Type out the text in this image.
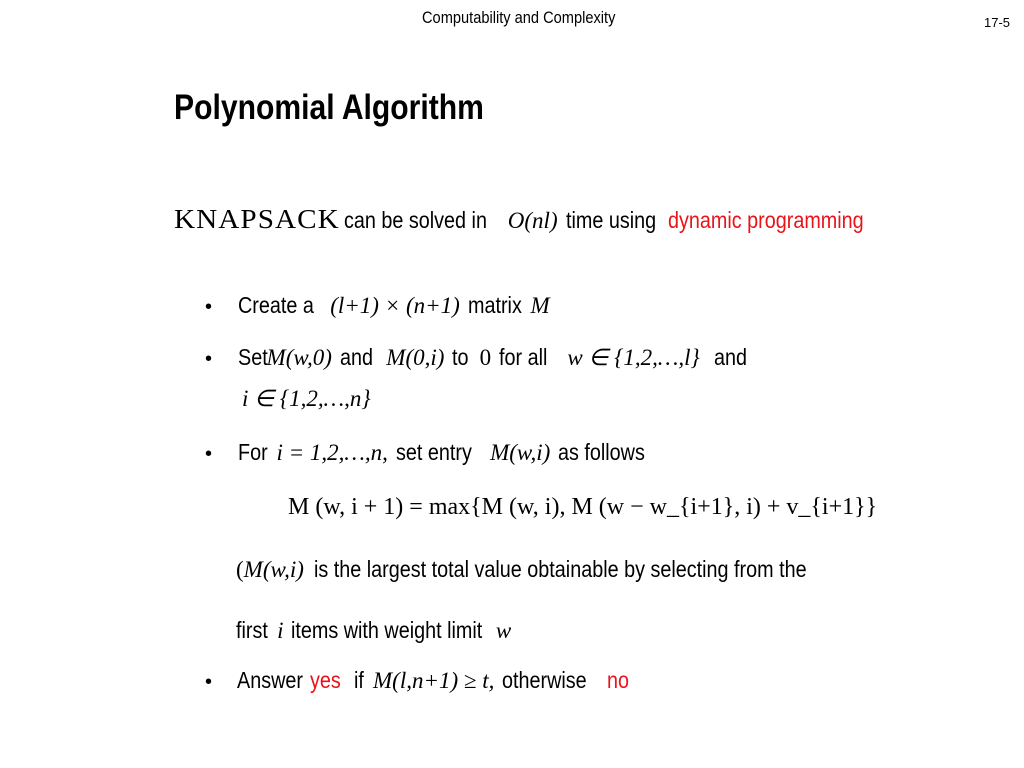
Computability and Complexity	17-5
Polynomial Algorithm
KNAPSACK can be solved in O(nl) time using dynamic programming
• Create a (l+1) × (n+1) matrix M
• Set
M(w,0) and M(0,i) to 0 for all w ∈ {1,2,…,l} and
i ∈ {1,2,…,n}
• For i = 1,2,…,n, set entry M(w,i) as follows
M (w, i + 1) = max{M (w, i), M (w − w_{i+1}, i) + v_{i+1}}
( M(w,i) is the largest total value obtainable by selecting from the
first i items with weight limit w
• Answer yes if M(l,n+1) ≥ t, otherwise no
